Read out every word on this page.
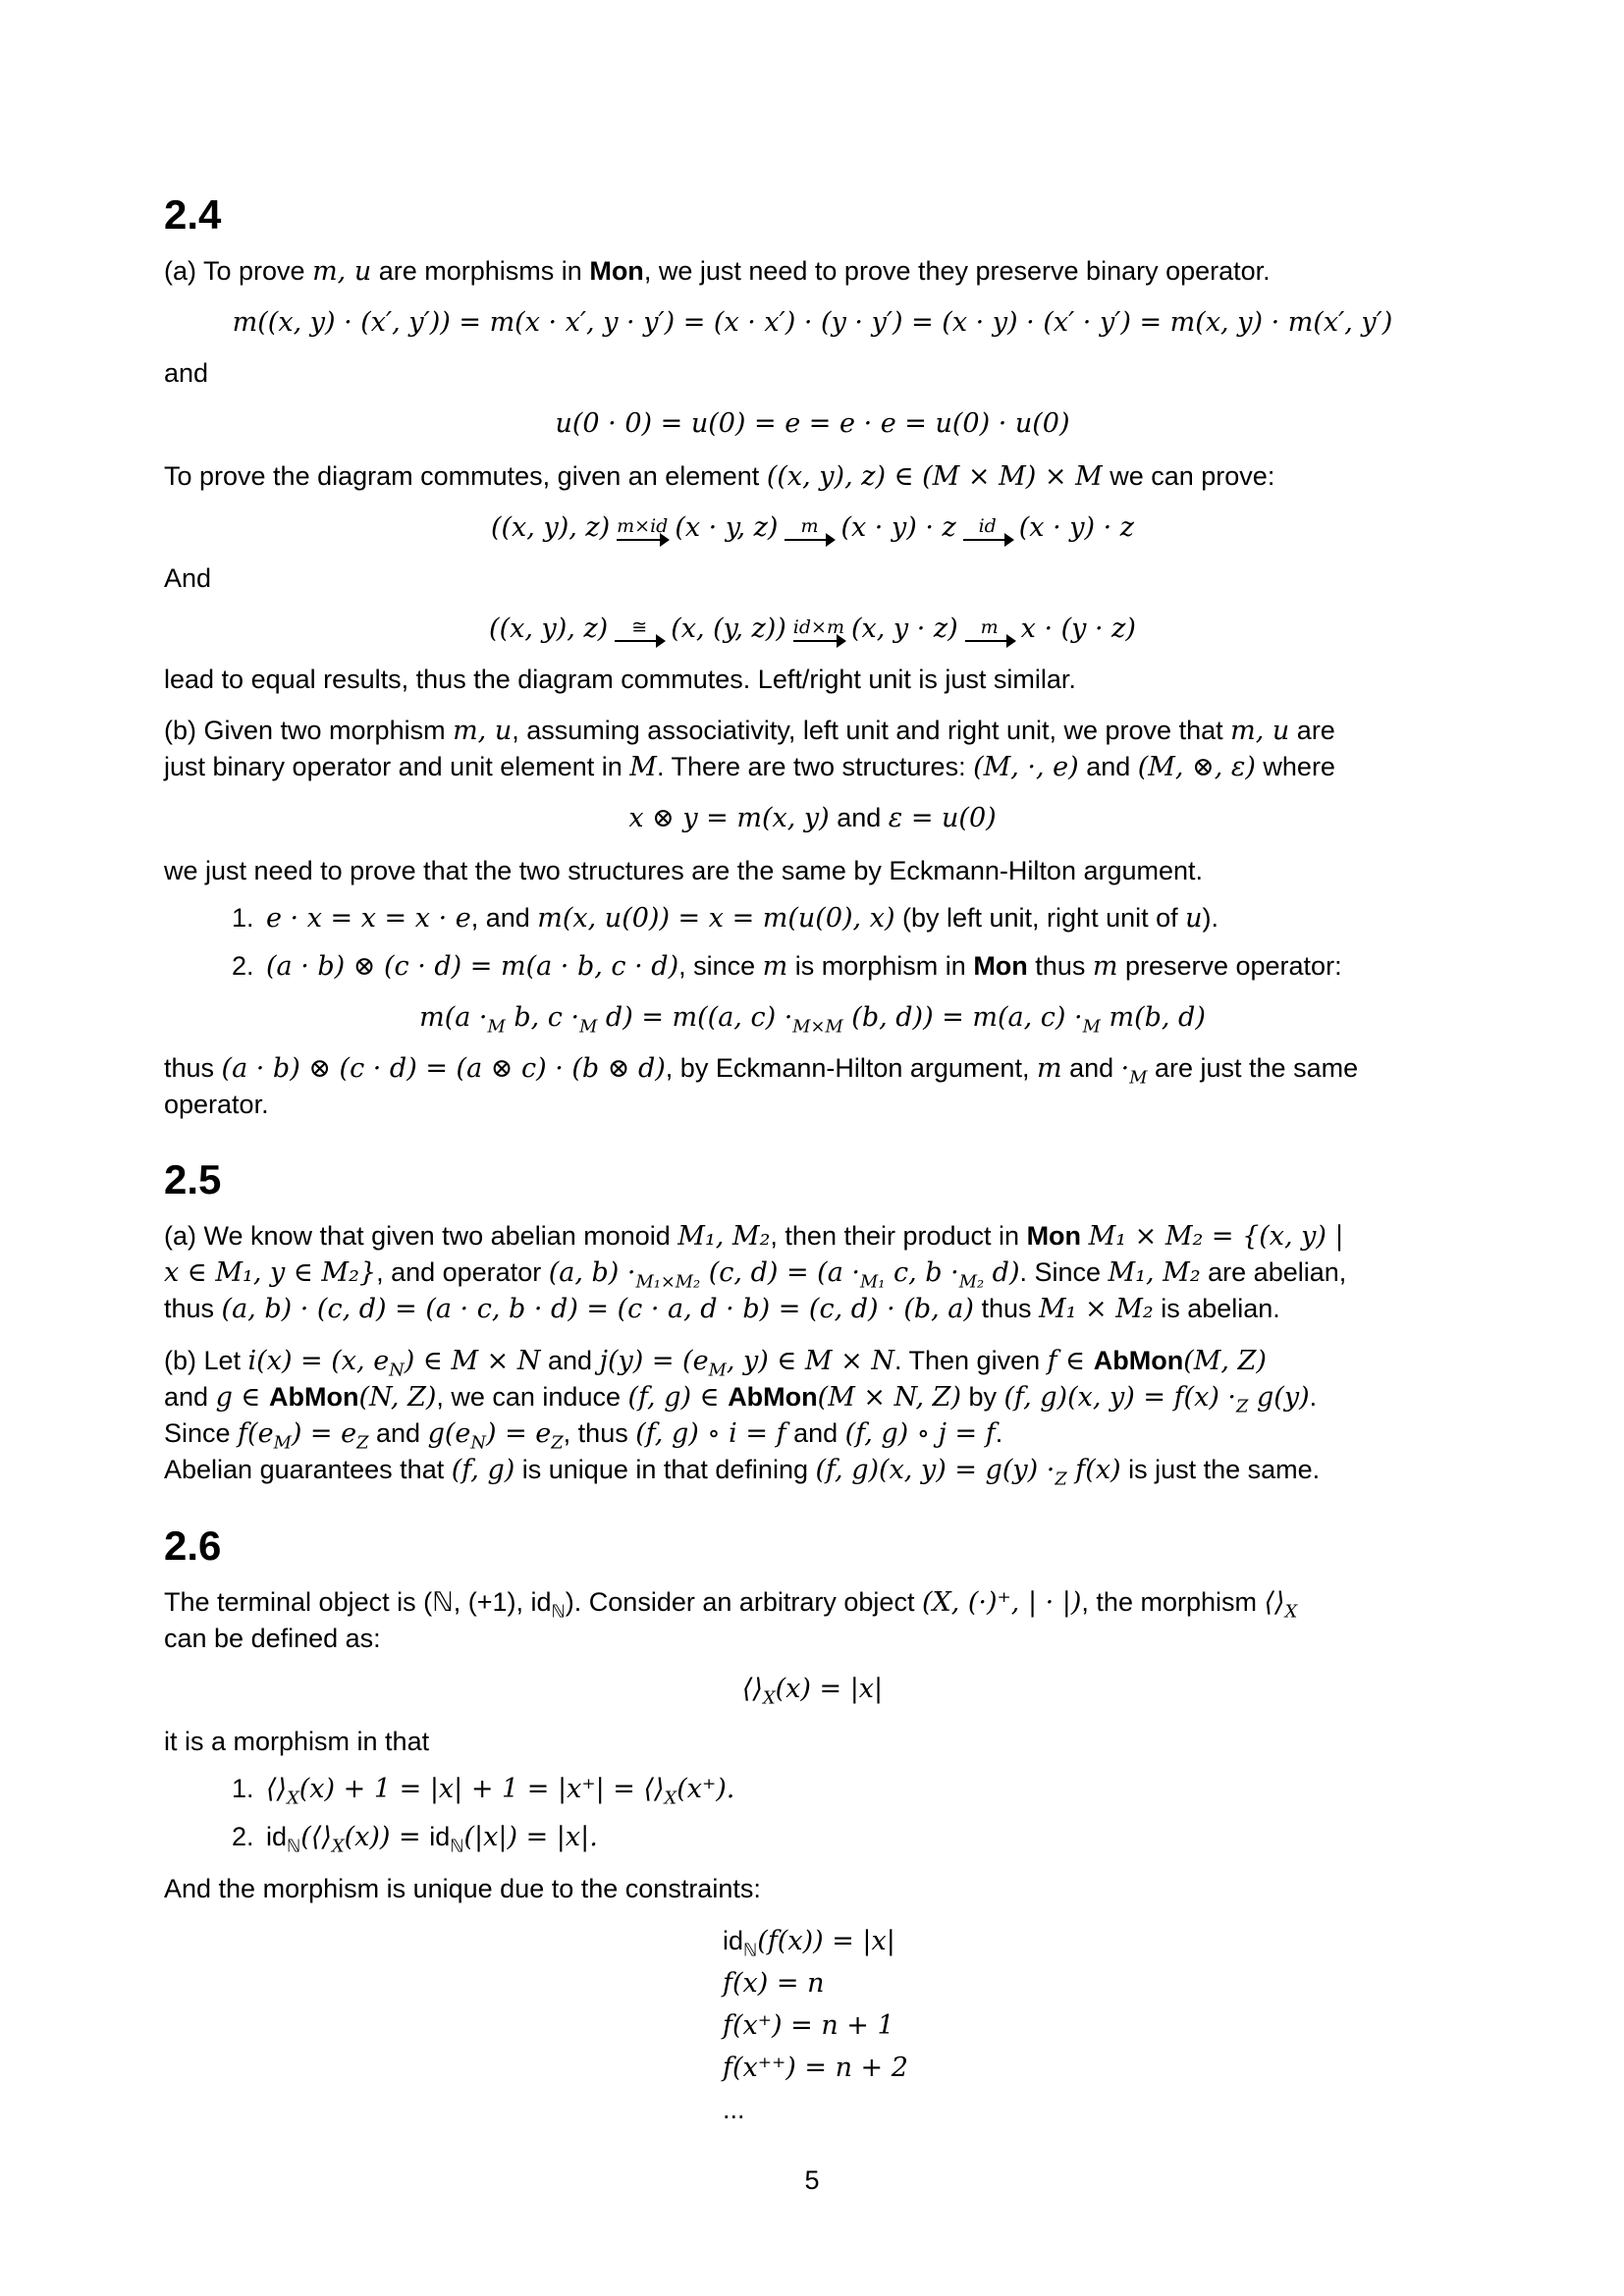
2.4
(a) To prove m, u are morphisms in Mon, we just need to prove they preserve binary operator.
m((x, y) · (x′, y′)) = m(x · x′, y · y′) = (x · x′) · (y · y′) = (x · y) · (x′ · y′) = m(x, y) · m(x′, y′)
and
u(0 · 0) = u(0) = e = e · e = u(0) · u(0)
To prove the diagram commutes, given an element ((x, y), z) ∈ (M × M) × M we can prove:
((x, y), z) m×id (x · y, z) m (x · y) · z id (x · y) · z
And
((x, y), z) ≅ (x, (y, z)) id×m (x, y · z) m x · (y · z)
lead to equal results, thus the diagram commutes. Left/right unit is just similar.
(b) Given two morphism m, u, assuming associativity, left unit and right unit, we prove that m, u are
just binary operator and unit element in M. There are two structures: (M, ·, e) and (M, ⊗, ε) where
x ⊗ y = m(x, y) and ε = u(0)
we just need to prove that the two structures are the same by Eckmann-Hilton argument.
1. e · x = x = x · e, and m(x, u(0)) = x = m(u(0), x) (by left unit, right unit of u).
2. (a · b) ⊗ (c · d) = m(a · b, c · d), since m is morphism in Mon thus m preserve operator:
$m(a \cdot_M$ b, $c \cdot_M$ d) = m((a, $c) \cdot_{M\times M}$ (b, d)) = m(a, $c) \cdot_M$ m(b, d)
thus (a · b) ⊗ (c · d) = (a ⊗ c) · (b ⊗ d), by Eckmann-Hilton argument, m and $\cdot_M$ are just the same
operator.
2.5
(a) We know that given two abelian monoid M₁, M₂, then their product in Mon M₁ × M₂ = {(x, y) |
x ∈ M₁, y ∈ M₂}, and operator (a, $b) \cdot_{M_1\times M_2}$ (c, $d) = (a \cdot_{M_1}$ c, $b \cdot_{M_2}$ d). Since M₁, M₂ are abelian,
thus (a, b) · (c, d) = (a · c, b · d) = (c · a, d · b) = (c, d) · (b, a) thus M₁ × M₂ is abelian.
(b) Let i(x) = (x, $e_N$) ∈ M × N and $j(y) = (e_M$, y) ∈ M × N. Then given f ∈ AbMon(M, Z)
and g ∈ AbMon(N, Z), we can induce (f, g) ∈ AbMon(M × N, Z) by (f, g)(x, $y) = f(x) \cdot_Z$ g(y).
Since $f(e_M) = e_Z$ and $g(e_N) = e_Z$, thus (f, g) ∘ i = f and (f, g) ∘ j = f.
Abelian guarantees that (f, g) is unique in that defining (f, g)(x, $y) = g(y) \cdot_Z$ f(x) is just the same.
2.6
The terminal object is (ℕ, (+1), $id_ℕ$). Consider an arbitrary object (X, (·)⁺, | · |), the morphism $⟨⟩_X$
can be defined as:
$⟨⟩_X(x) = |x|$
it is a morphism in that
1. $⟨⟩_X(x) + 1 = |x| + 1 = |x^+|$ = $⟨⟩_X(x^+)$.
2. $id_ℕ(⟨⟩_X(x)) = id_ℕ(|x|) = |x|$.
And the morphism is unique due to the constraints:
$id_ℕ(f(x)) = |x|$
f(x) = n
f(x⁺) = n + 1
f(x⁺⁺) = n + 2
...
5
